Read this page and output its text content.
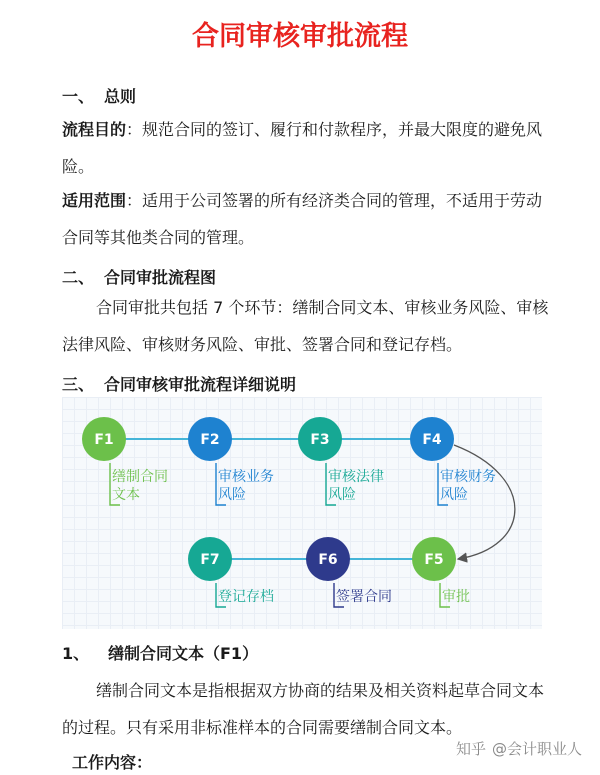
合同审核审批流程
一、 总则
流程目的：规范合同的签订、履行和付款程序，并最大限度的避免风险。
适用范围：适用于公司签署的所有经济类合同的管理，不适用于劳动合同等其他类合同的管理。
二、 合同审批流程图
合同审批共包括 7 个环节：缮制合同文本、审核业务风险、审核法律风险、审核财务风险、审批、签署合同和登记存档。
三、 合同审核审批流程详细说明
F1
缮制合同
文本
F2
审核业务
风险
F3
审核法律
风险
F4
审核财务
风险
F5
审批
F6
签署合同
F7
登记存档
1、 缮制合同文本（F1）
缮制合同文本是指根据双方协商的结果及相关资料起草合同文本的过程。只有采用非标准样本的合同需要缮制合同文本。
工作内容：
知乎 @会计职业人
